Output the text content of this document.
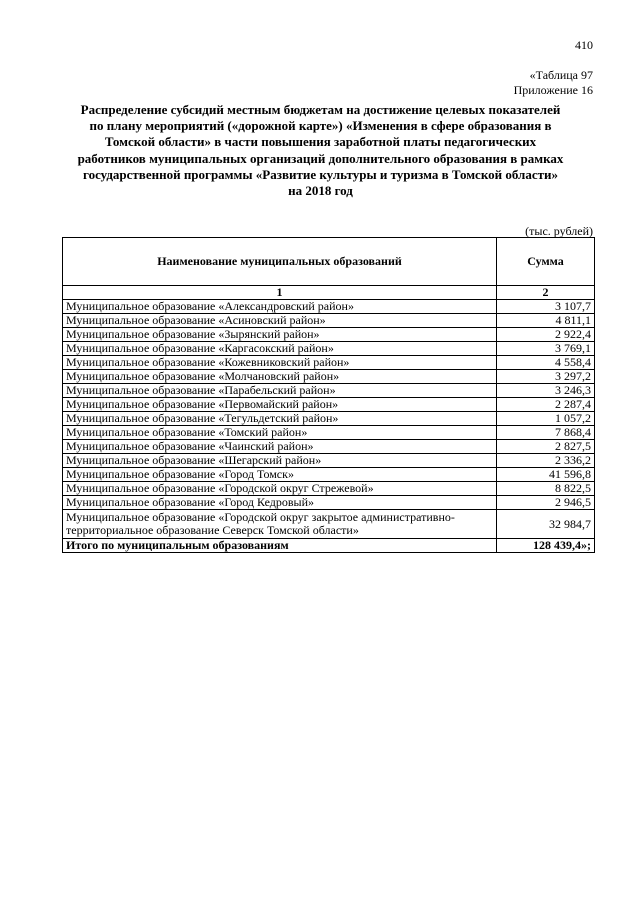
410
«Таблица 97
Приложение 16
Распределение субсидий местным бюджетам на достижение целевых показателей
по плану мероприятий («дорожной карте») «Изменения в сфере образования в
Томской области» в части повышения заработной платы педагогических
работников муниципальных организаций дополнительного образования в рамках
государственной программы «Развитие культуры и туризма в Томской области»
на 2018 год
(тыс. рублей)
Наименование муниципальных образований	Сумма
1	2
Муниципальное образование «Александровский район»	3 107,7
Муниципальное образование «Асиновский район»	4 811,1
Муниципальное образование «Зырянский район»	2 922,4
Муниципальное образование «Каргасокский район»	3 769,1
Муниципальное образование «Кожевниковский район»	4 558,4
Муниципальное образование «Молчановский район»	3 297,2
Муниципальное образование «Парабельский район»	3 246,3
Муниципальное образование «Первомайский район»	2 287,4
Муниципальное образование «Тегульдетский район»	1 057,2
Муниципальное образование «Томский район»	7 868,4
Муниципальное образование «Чаинский район»	2 827,5
Муниципальное образование «Шегарский район»	2 336,2
Муниципальное образование «Город Томск»	41 596,8
Муниципальное образование «Городской округ Стрежевой»	8 822,5
Муниципальное образование «Город Кедровый»	2 946,5
Муниципальное образование «Городской округ закрытое административно-территориальное образование Северск Томской области»	32 984,7
Итого по муниципальным образованиям	128 439,4»;
